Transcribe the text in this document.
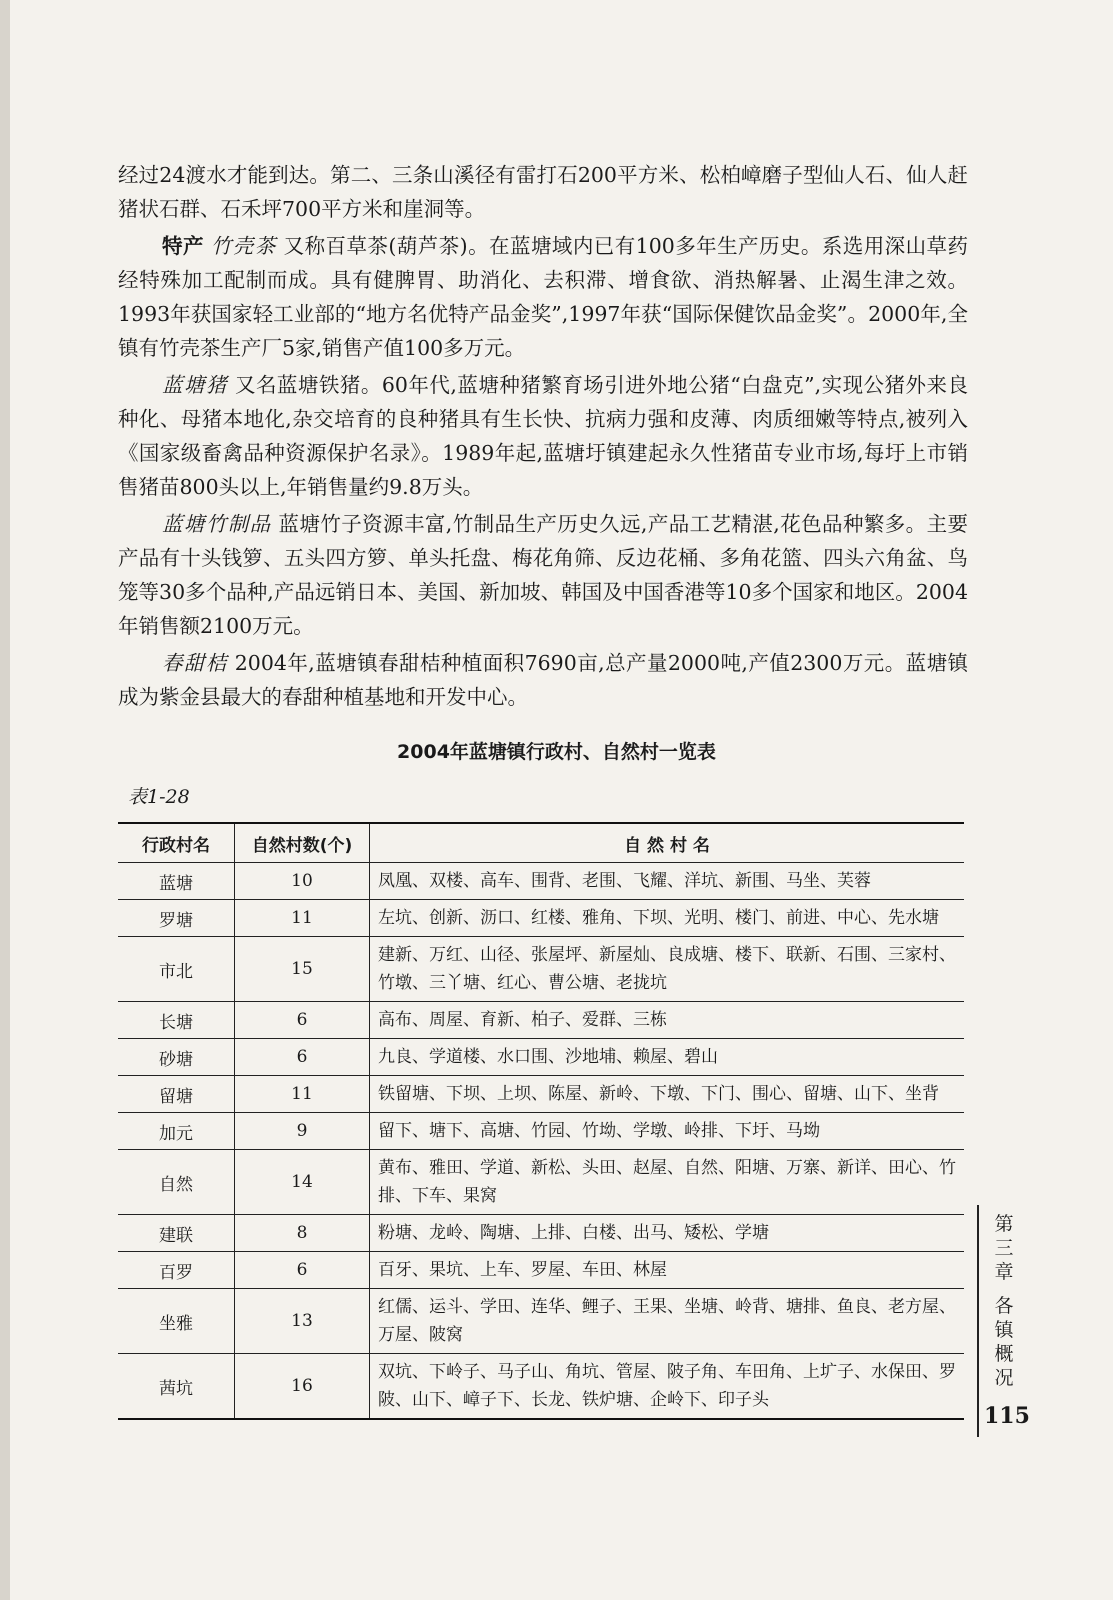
经过24渡水才能到达。第二、三条山溪径有雷打石200平方米、松柏嶂磨子型仙人石、仙人赶猪状石群、石禾坪700平方米和崖洞等。

特产 竹壳茶 又称百草茶(葫芦茶)。在蓝塘域内已有100多年生产历史。系选用深山草药经特殊加工配制而成。具有健脾胃、助消化、去积滞、增食欲、消热解暑、止渴生津之效。1993年获国家轻工业部的“地方名优特产品金奖”,1997年获“国际保健饮品金奖”。2000年,全镇有竹壳茶生产厂5家,销售产值100多万元。

蓝塘猪 又名蓝塘铁猪。60年代,蓝塘种猪繁育场引进外地公猪“白盘克”,实现公猪外来良种化、母猪本地化,杂交培育的良种猪具有生长快、抗病力强和皮薄、肉质细嫩等特点,被列入《国家级畜禽品种资源保护名录》。1989年起,蓝塘圩镇建起永久性猪苗专业市场,每圩上市销售猪苗800头以上,年销售量约9.8万头。

蓝塘竹制品 蓝塘竹子资源丰富,竹制品生产历史久远,产品工艺精湛,花色品种繁多。主要产品有十头钱箩、五头四方箩、单头托盘、梅花角筛、反边花桶、多角花篮、四头六角盆、鸟笼等30多个品种,产品远销日本、美国、新加坡、韩国及中国香港等10多个国家和地区。2004年销售额2100万元。

春甜桔 2004年,蓝塘镇春甜桔种植面积7690亩,总产量2000吨,产值2300万元。蓝塘镇成为紫金县最大的春甜种植基地和开发中心。

2004年蓝塘镇行政村、自然村一览表
表1-28
行政村名	自然村数(个)	自 然 村 名
蓝塘	10	凤凰、双楼、高车、围背、老围、飞耀、洋坑、新围、马坐、芙蓉
罗塘	11	左坑、创新、沥口、红楼、雅角、下坝、光明、楼门、前进、中心、先水塘
市北	15	建新、万红、山径、张屋坪、新屋灿、良成塘、楼下、联新、石围、三家村、竹墩、三丫塘、红心、曹公塘、老拢坑
长塘	6	高布、周屋、育新、柏子、爱群、三栋
砂塘	6	九良、学道楼、水口围、沙地埔、赖屋、碧山
留塘	11	铁留塘、下坝、上坝、陈屋、新岭、下墩、下门、围心、留塘、山下、坐背
加元	9	留下、塘下、高塘、竹园、竹坳、学墩、岭排、下圩、马坳
自然	14	黄布、雅田、学道、新松、头田、赵屋、自然、阳塘、万寨、新详、田心、竹排、下车、果窝
建联	8	粉塘、龙岭、陶塘、上排、白楼、出马、矮松、学塘
百罗	6	百牙、果坑、上车、罗屋、车田、林屋
坐雅	13	红儒、运斗、学田、连华、鲤子、王果、坐塘、岭背、塘排、鱼良、老方屋、万屋、陂窝
茜坑	16	双坑、下岭子、马子山、角坑、管屋、陂子角、车田角、上圹子、水保田、罗陂、山下、嶂子下、长龙、铁炉塘、企岭下、印子头
第
三
章
各
镇
概
况
115
